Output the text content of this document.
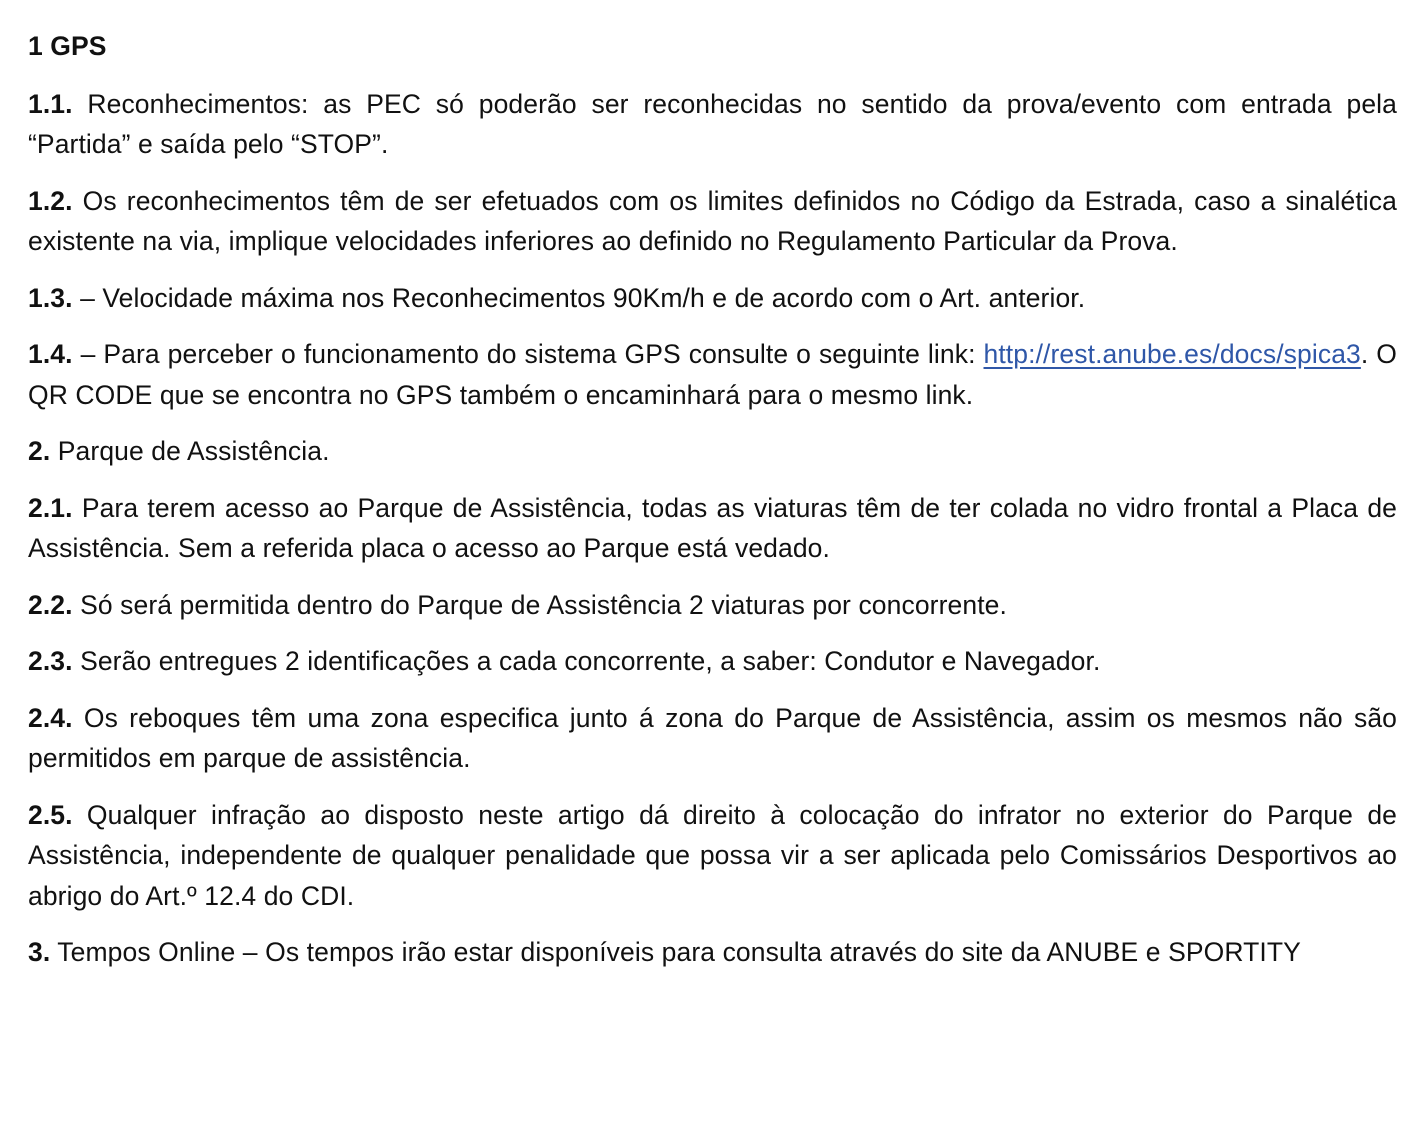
1 GPS

1.1. Reconhecimentos: as PEC só poderão ser reconhecidas no sentido da prova/evento com entrada pela “Partida” e saída pelo “STOP”.

1.2. Os reconhecimentos têm de ser efetuados com os limites definidos no Código da Estrada, caso a sinalética existente na via, implique velocidades inferiores ao definido no Regulamento Particular da Prova.

1.3. – Velocidade máxima nos Reconhecimentos 90Km/h e de acordo com o Art. anterior.

1.4. – Para perceber o funcionamento do sistema GPS consulte o seguinte link: http://rest.anube.es/docs/spica3. O QR CODE que se encontra no GPS também o encaminhará para o mesmo link.

2. Parque de Assistência.

2.1. Para terem acesso ao Parque de Assistência, todas as viaturas têm de ter colada no vidro frontal a Placa de Assistência. Sem a referida placa o acesso ao Parque está vedado.

2.2. Só será permitida dentro do Parque de Assistência 2 viaturas por concorrente.

2.3. Serão entregues 2 identificações a cada concorrente, a saber: Condutor e Navegador.

2.4. Os reboques têm uma zona especifica junto á zona do Parque de Assistência, assim os mesmos não são permitidos em parque de assistência.

2.5. Qualquer infração ao disposto neste artigo dá direito à colocação do infrator no exterior do Parque de Assistência, independente de qualquer penalidade que possa vir a ser aplicada pelo Comissários Desportivos ao abrigo do Art.º 12.4 do CDI.

3. Tempos Online – Os tempos irão estar disponíveis para consulta através do site da ANUBE e SPORTITY
